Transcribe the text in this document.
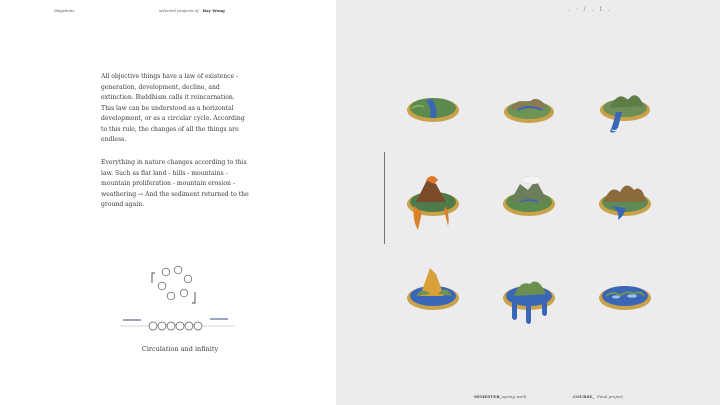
Waystions	selected projects of Bay Wang
All objective things have a law of existence - generation, development, decline, and extinction. Buddhism calls it reincarnation. This law can be understood as a horizontal development, or as a circular cycle. According to this rule, the changes of all the things are endless.
Everything in nature changes according to this law. Such as flat land - hills - mountains - mountain proliferation - mountain erosion - weathering → And the sediment returned to the ground again.
Circulation and infinity
. · / . t .
SEMESTER_ spring work	COURSE_ Final project
